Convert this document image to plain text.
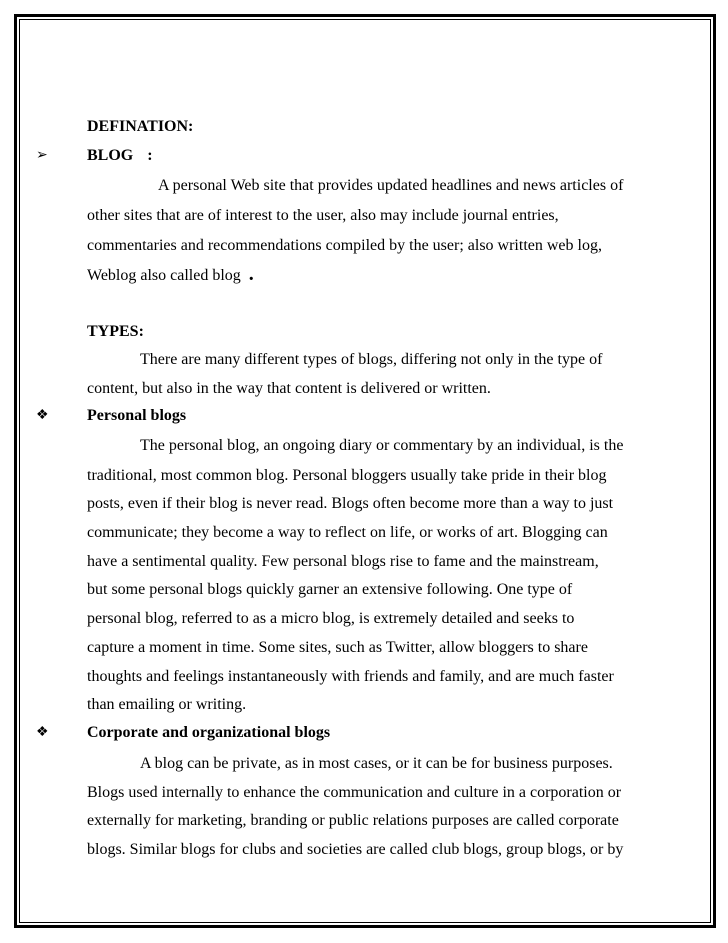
DEFINATION:
➢ BLOG :
A personal Web site that provides updated headlines and news articles of
other sites that are of interest to the user, also may include journal entries,
commentaries and recommendations compiled by the user; also written web log,
Weblog also called blog .
TYPES:
There are many different types of blogs, differing not only in the type of
content, but also in the way that content is delivered or written.
❖ Personal blogs
The personal blog, an ongoing diary or commentary by an individual, is the
traditional, most common blog. Personal bloggers usually take pride in their blog
posts, even if their blog is never read. Blogs often become more than a way to just
communicate; they become a way to reflect on life, or works of art. Blogging can
have a sentimental quality. Few personal blogs rise to fame and the mainstream,
but some personal blogs quickly garner an extensive following. One type of
personal blog, referred to as a micro blog, is extremely detailed and seeks to
capture a moment in time. Some sites, such as Twitter, allow bloggers to share
thoughts and feelings instantaneously with friends and family, and are much faster
than emailing or writing.
❖ Corporate and organizational blogs
A blog can be private, as in most cases, or it can be for business purposes.
Blogs used internally to enhance the communication and culture in a corporation or
externally for marketing, branding or public relations purposes are called corporate
blogs. Similar blogs for clubs and societies are called club blogs, group blogs, or by
